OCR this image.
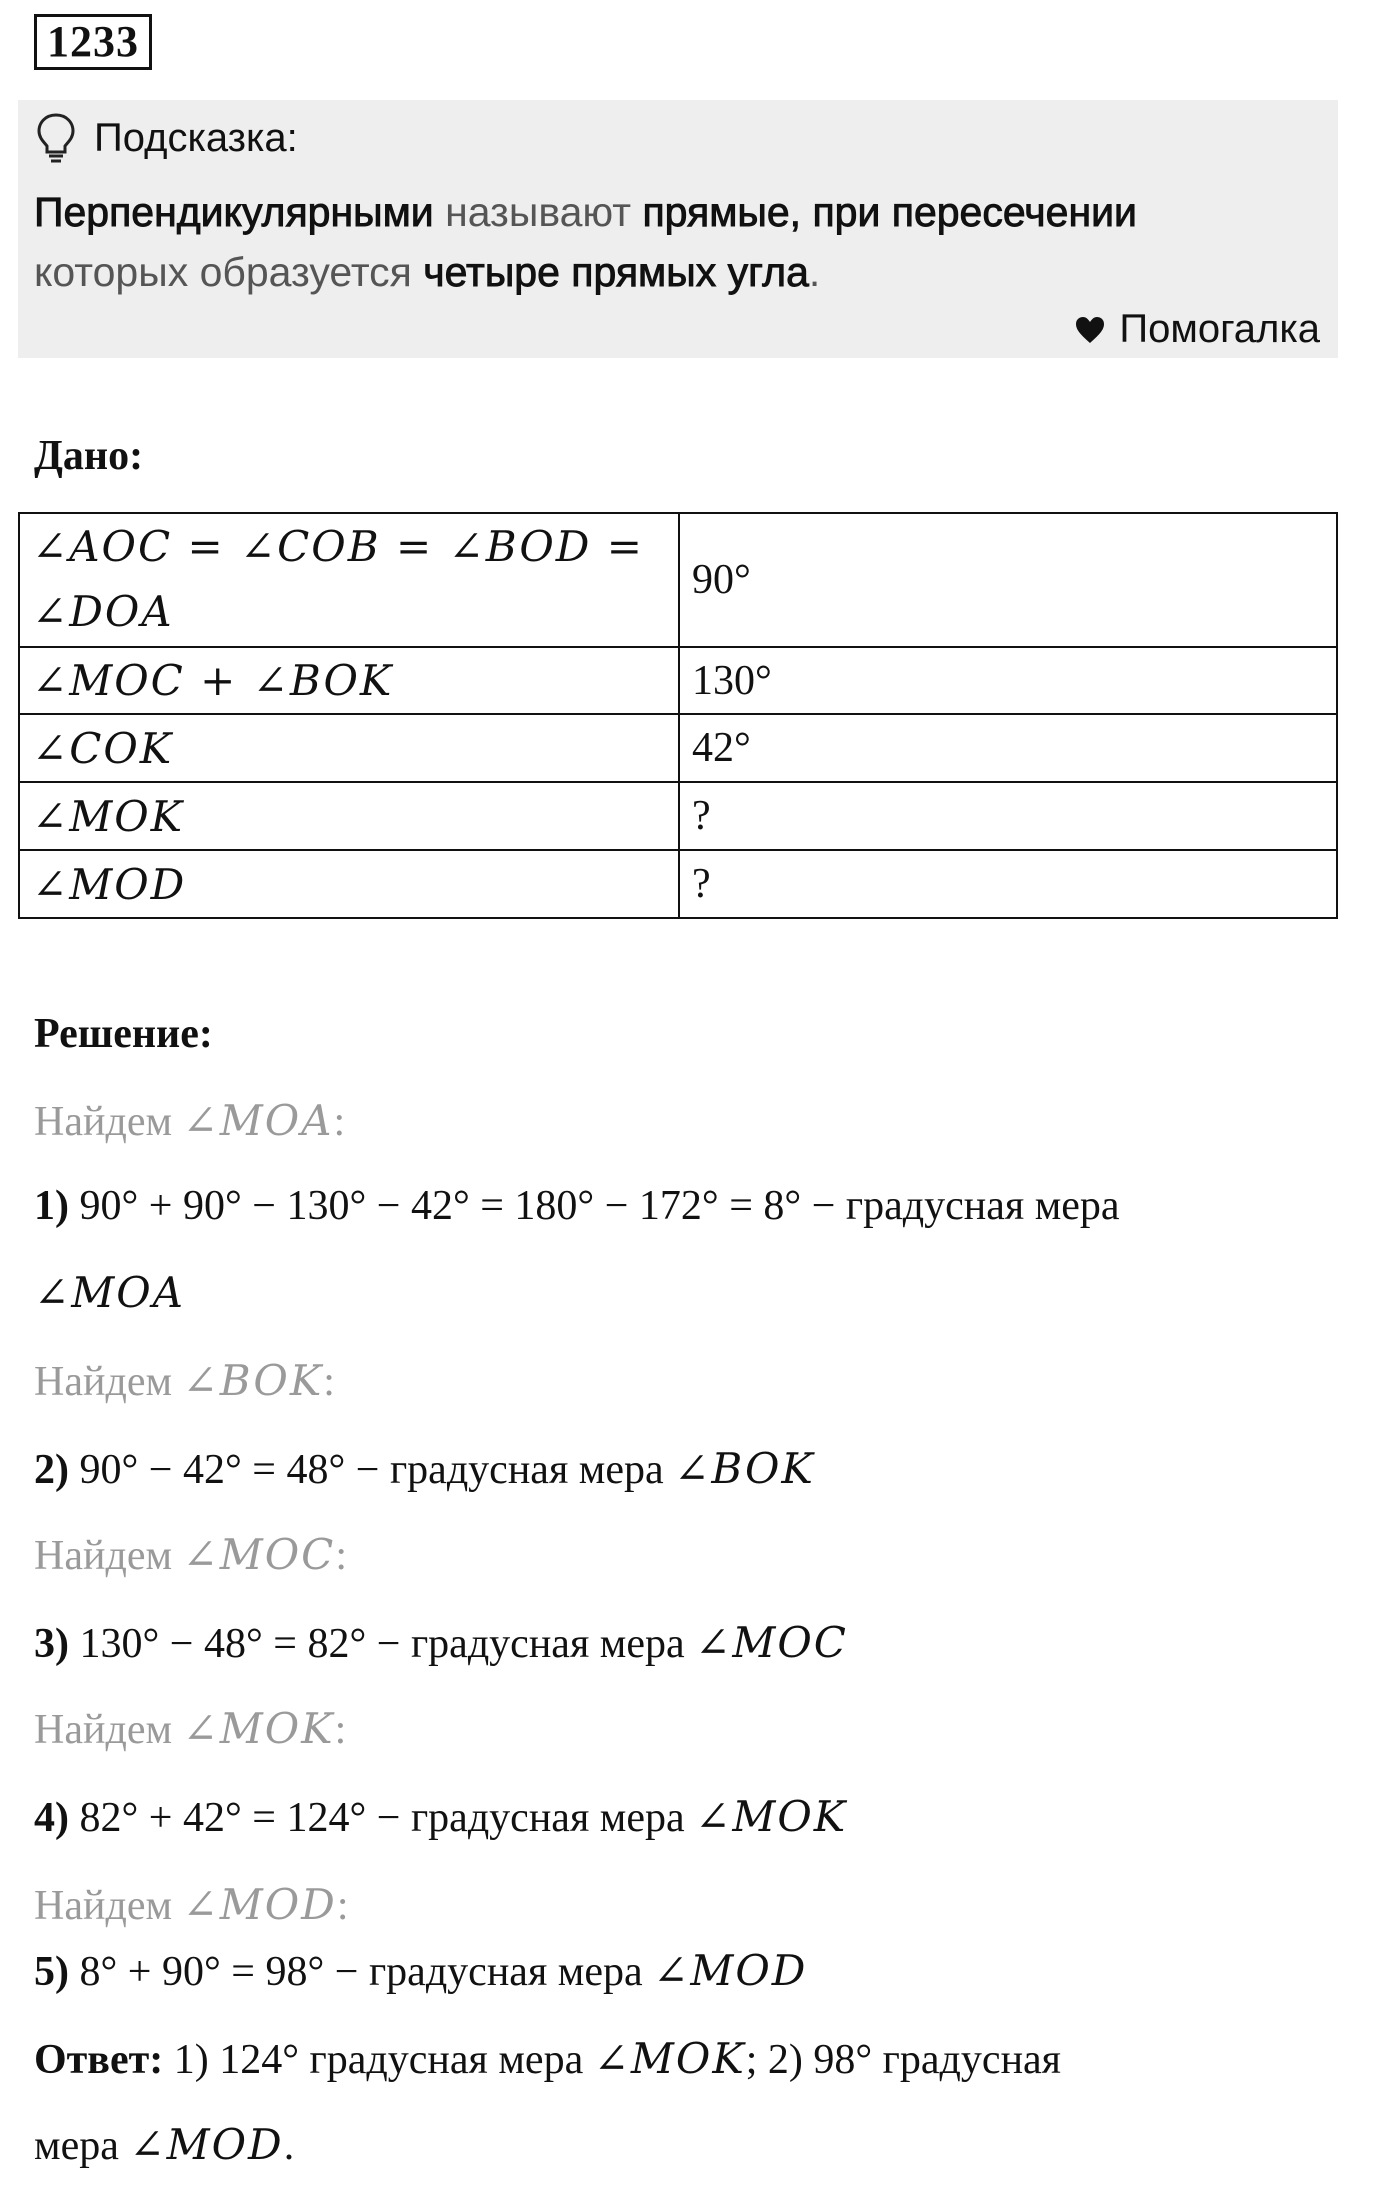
1233
Подсказка:
Перпендикулярными называют прямые, при пересечении
которых образуется четыре прямых угла.
Помогалка
Дано:
∠AOC = ∠COB = ∠BOD =
∠DOA	90°
∠MOC + ∠BOK	130°
∠COK	42°
∠MOK	?
∠MOD	?
Решение:
Найдем ∠MOA:
1) 90° + 90° − 130° − 42° = 180° − 172° = 8° − градусная мера
∠MOA
Найдем ∠BOK:
2) 90° − 42° = 48° − градусная мера ∠BOK
Найдем ∠MOC:
3) 130° − 48° = 82° − градусная мера ∠MOC
Найдем ∠MOK:
4) 82° + 42° = 124° − градусная мера ∠MOK
Найдем ∠MOD:
5) 8° + 90° = 98° − градусная мера ∠MOD
Ответ: 1) 124° градусная мера ∠MOK; 2) 98° градусная
мера ∠MOD.
